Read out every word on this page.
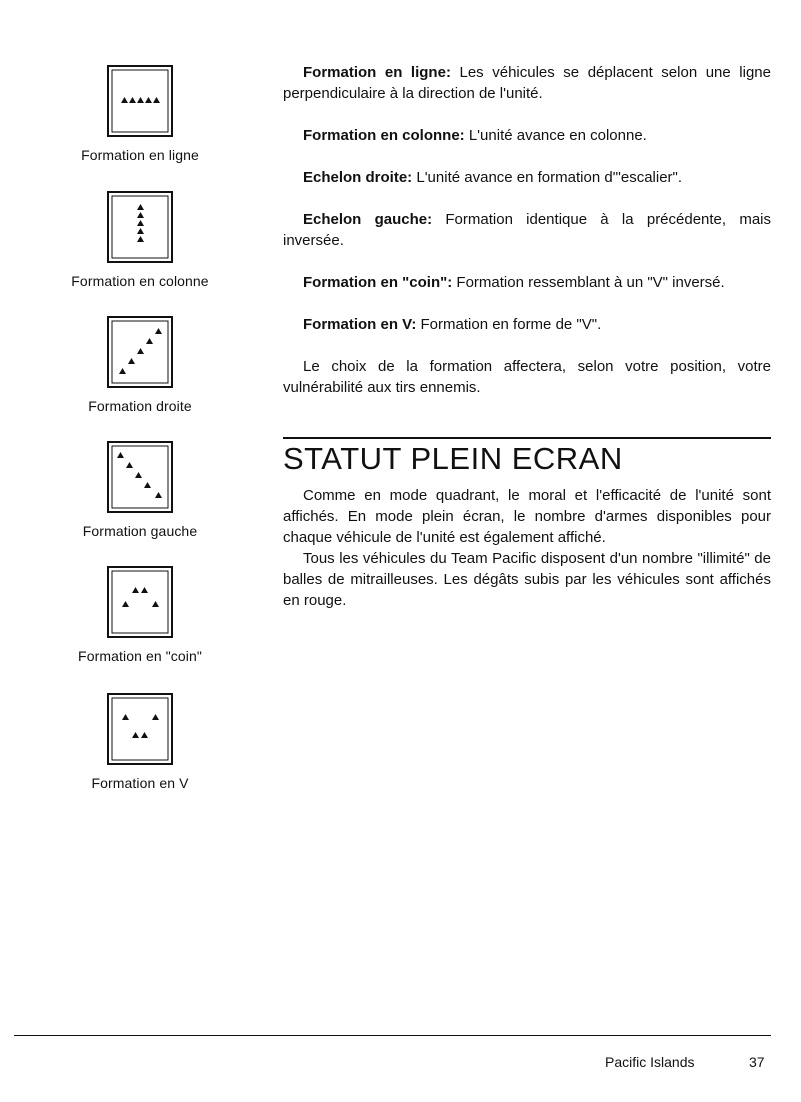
Formation en ligne
Formation en colonne
Formation droite
Formation gauche
Formation en "coin"
Formation en V

Formation en ligne: Les véhicules se déplacent selon une ligne perpendiculaire à la direction de l'unité.

Formation en colonne: L'unité avance en colonne.

Echelon droite: L'unité avance en formation d'"escalier".

Echelon gauche: Formation identique à la précédente, mais inversée.

Formation en "coin": Formation ressemblant à un "V" inversé.

Formation en V: Formation en forme de "V".

Le choix de la formation affectera, selon votre position, votre vulnérabilité aux tirs ennemis.

STATUT PLEIN ECRAN

Comme en mode quadrant, le moral et l'efficacité de l'unité sont affichés. En mode plein écran, le nombre d'armes disponibles pour chaque véhicule de l'unité est également affiché.

Tous les véhicules du Team Pacific disposent d'un nombre "illimité" de balles de mitrailleuses. Les dégâts subis par les véhicules sont affichés en rouge.

Pacific Islands	37
